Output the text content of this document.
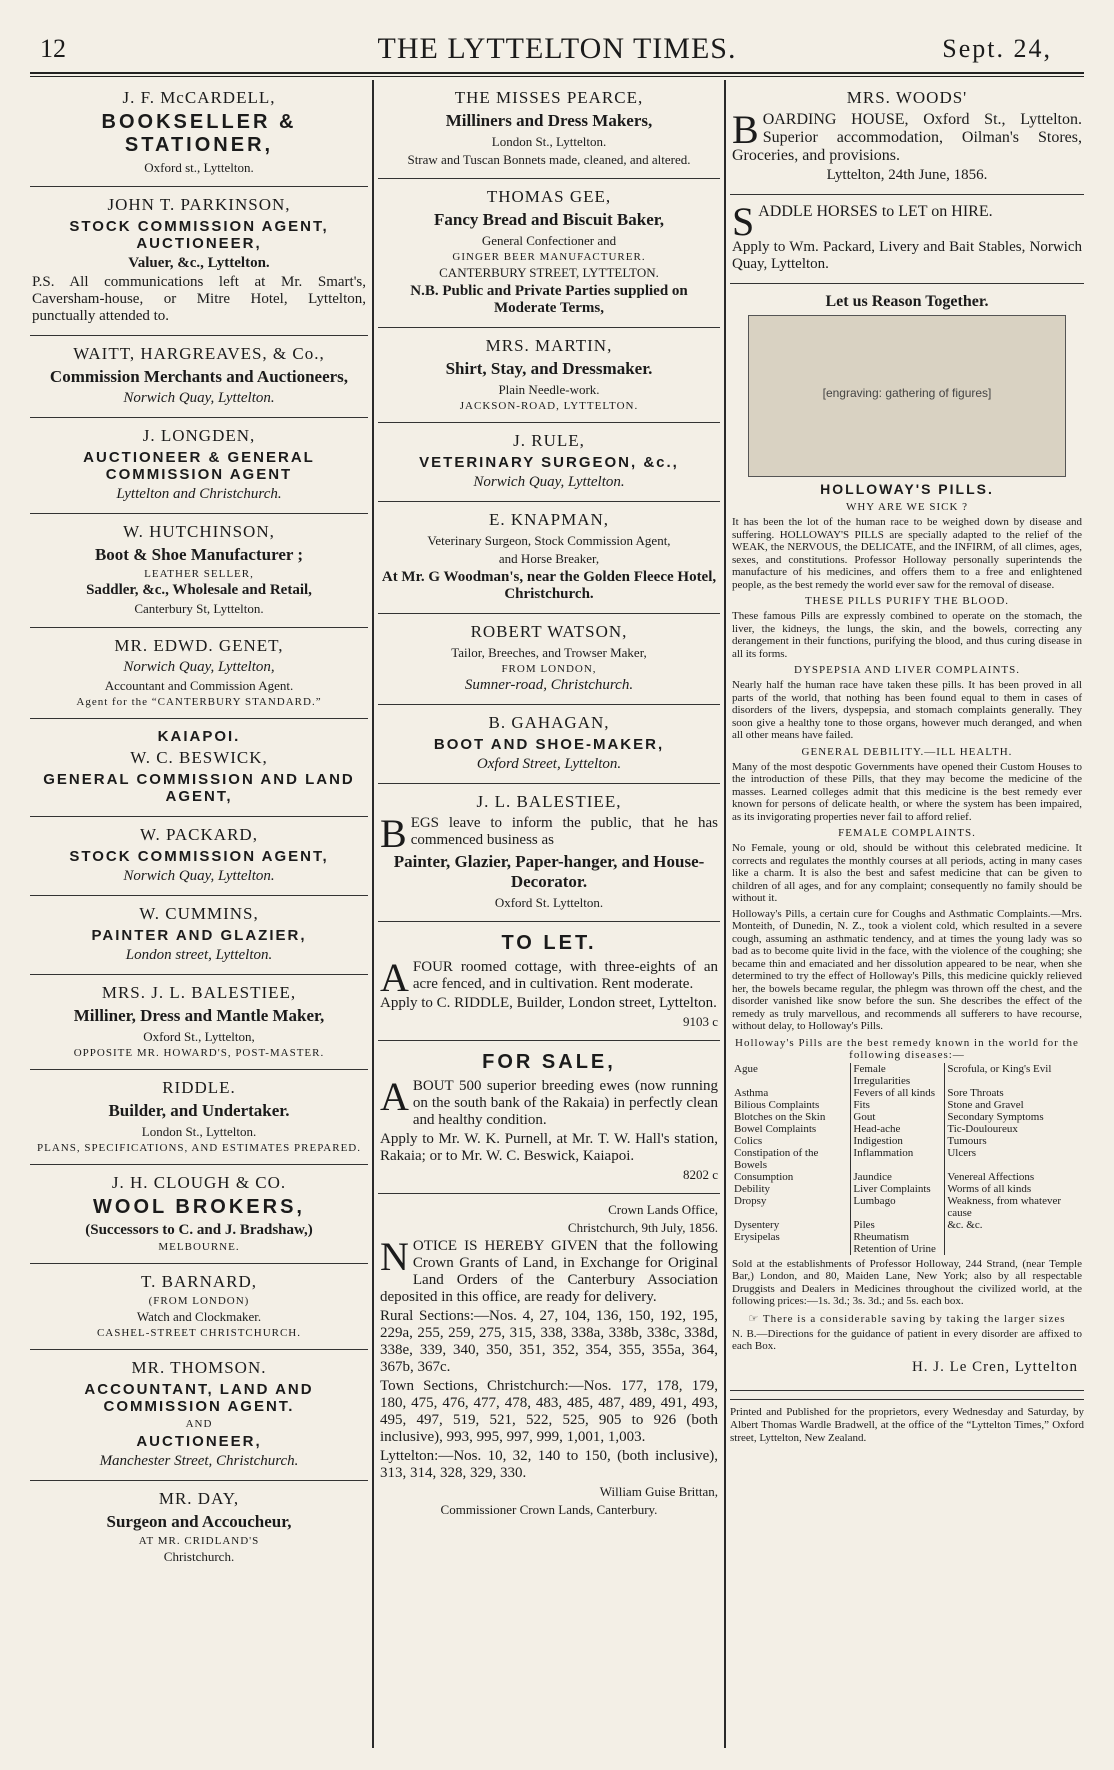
12	THE LYTTELTON TIMES.	Sept. 24,
J. F. McCARDELL,
BOOKSELLER & STATIONER,
Oxford st., Lyttelton.
JOHN T. PARKINSON,
STOCK COMMISSION AGENT, AUCTIONEER,
Valuer, &c., Lyttelton.
P.S. All communications left at Mr. Smart's, Caversham-house, or Mitre Hotel, Lyttelton, punctually attended to.
WAITT, HARGREAVES, & Co.,
Commission Merchants and Auctioneers,
Norwich Quay, Lyttelton.
J. LONGDEN,
AUCTIONEER & GENERAL COMMISSION AGENT
Lyttelton and Christchurch.
W. HUTCHINSON,
Boot & Shoe Manufacturer ;
LEATHER SELLER,
Saddler, &c., Wholesale and Retail,
Canterbury St, Lyttelton.
MR. EDWD. GENET,
Norwich Quay, Lyttelton,
Accountant and Commission Agent.
Agent for the “CANTERBURY STANDARD.”
KAIAPOI.
W. C. BESWICK,
GENERAL COMMISSION AND LAND AGENT,
W. PACKARD,
STOCK COMMISSION AGENT,
Norwich Quay, Lyttelton.
W. CUMMINS,
PAINTER AND GLAZIER,
London street, Lyttelton.
MRS. J. L. BALESTIEE,
Milliner, Dress and Mantle Maker,
Oxford St., Lyttelton,
OPPOSITE MR. HOWARD'S, POST-MASTER.
RIDDLE.
Builder, and Undertaker.
London St., Lyttelton.
PLANS, SPECIFICATIONS, AND ESTIMATES PREPARED.
J. H. CLOUGH & CO.
WOOL BROKERS,
(Successors to C. and J. Bradshaw,)
MELBOURNE.
T. BARNARD,
(FROM LONDON)
Watch and Clockmaker.
CASHEL-STREET CHRISTCHURCH.
MR. THOMSON.
ACCOUNTANT, LAND AND COMMISSION AGENT.
AND
AUCTIONEER,
Manchester Street, Christchurch.
MR. DAY,
Surgeon and Accoucheur,
AT MR. CRIDLAND'S
Christchurch.
THE MISSES PEARCE,
Milliners and Dress Makers,
London St., Lyttelton.
Straw and Tuscan Bonnets made, cleaned, and altered.
THOMAS GEE,
Fancy Bread and Biscuit Baker,
General Confectioner and
GINGER BEER MANUFACTURER.
CANTERBURY STREET, LYTTELTON.
N.B. Public and Private Parties supplied on Moderate Terms,
MRS. MARTIN,
Shirt, Stay, and Dressmaker.
Plain Needle-work.
JACKSON-ROAD, LYTTELTON.
J. RULE,
VETERINARY SURGEON, &c.,
Norwich Quay, Lyttelton.
E. KNAPMAN,
Veterinary Surgeon, Stock Commission Agent,
and Horse Breaker,
At Mr. G Woodman's, near the Golden Fleece Hotel, Christchurch.
ROBERT WATSON,
Tailor, Breeches, and Trowser Maker,
FROM LONDON,
Sumner-road, Christchurch.
B. GAHAGAN,
BOOT AND SHOE-MAKER,
Oxford Street, Lyttelton.
J. L. BALESTIEE,
BEGS leave to inform the public, that he has commenced business as
Painter, Glazier, Paper-hanger, and House-Decorator.
Oxford St. Lyttelton.
TO LET.
AFOUR roomed cottage, with three-eights of an acre fenced, and in cultivation. Rent moderate.
Apply to C. RIDDLE, Builder, London street, Lyttelton.
9103 c
FOR SALE,
ABOUT 500 superior breeding ewes (now running on the south bank of the Rakaia) in perfectly clean and healthy condition.
Apply to Mr. W. K. Purnell, at Mr. T. W. Hall's station, Rakaia; or to Mr. W. C. Beswick, Kaiapoi.
8202 c
Crown Lands Office,
Christchurch, 9th July, 1856.
NOTICE IS HEREBY GIVEN that the following Crown Grants of Land, in Exchange for Original Land Orders of the Canterbury Association deposited in this office, are ready for delivery.
Rural Sections:—Nos. 4, 27, 104, 136, 150, 192, 195, 229a, 255, 259, 275, 315, 338, 338a, 338b, 338c, 338d, 338e, 339, 340, 350, 351, 352, 354, 355, 355a, 364, 367b, 367c.
Town Sections, Christchurch:—Nos. 177, 178, 179, 180, 475, 476, 477, 478, 483, 485, 487, 489, 491, 493, 495, 497, 519, 521, 522, 525, 905 to 926 (both inclusive), 993, 995, 997, 999, 1,001, 1,003.
Lyttelton:—Nos. 10, 32, 140 to 150, (both inclusive), 313, 314, 328, 329, 330.
William Guise Brittan,
Commissioner Crown Lands, Canterbury.
MRS. WOODS'
BOARDING HOUSE, Oxford St., Lyttelton. Superior accommodation, Oilman's Stores, Groceries, and provisions.
Lyttelton, 24th June, 1856.
SADDLE HORSES to LET on HIRE.
Apply to Wm. Packard, Livery and Bait Stables, Norwich Quay, Lyttelton.
Let us Reason Together.
[engraving: gathering of figures]
HOLLOWAY'S PILLS.

WHY ARE WE SICK ?

It has been the lot of the human race to be weighed down by disease and suffering. HOLLOWAY'S PILLS are specially adapted to the relief of the WEAK, the NERVOUS, the DELICATE, and the INFIRM, of all climes, ages, sexes, and constitutions. Professor Holloway personally superintends the manufacture of his medicines, and offers them to a free and enlightened people, as the best remedy the world ever saw for the removal of disease.

THESE PILLS PURIFY THE BLOOD.

These famous Pills are expressly combined to operate on the stomach, the liver, the kidneys, the lungs, the skin, and the bowels, correcting any derangement in their functions, purifying the blood, and thus curing disease in all its forms.

DYSPEPSIA AND LIVER COMPLAINTS.

Nearly half the human race have taken these pills. It has been proved in all parts of the world, that nothing has been found equal to them in cases of disorders of the livers, dyspepsia, and stomach complaints generally. They soon give a healthy tone to those organs, however much deranged, and when all other means have failed.

GENERAL DEBILITY.—ILL HEALTH.

Many of the most despotic Governments have opened their Custom Houses to the introduction of these Pills, that they may become the medicine of the masses. Learned colleges admit that this medicine is the best remedy ever known for persons of delicate health, or where the system has been impaired, as its invigorating properties never fail to afford relief.

FEMALE COMPLAINTS.

No Female, young or old, should be without this celebrated medicine. It corrects and regulates the monthly courses at all periods, acting in many cases like a charm. It is also the best and safest medicine that can be given to children of all ages, and for any complaint; consequently no family should be without it.

Holloway's Pills, a certain cure for Coughs and Asthmatic Complaints.—Mrs. Monteith, of Dunedin, N. Z., took a violent cold, which resulted in a severe cough, assuming an asthmatic tendency, and at times the young lady was so bad as to become quite livid in the face, with the violence of the coughing; she became thin and emaciated and her dissolution appeared to be near, when she determined to try the effect of Holloway's Pills, this medicine quickly relieved her, the bowels became regular, the phlegm was thrown off the chest, and the disorder vanished like snow before the sun. She describes the effect of the remedy as truly marvellous, and recommends all sufferers to have recourse, without delay, to Holloway's Pills.

Holloway's Pills are the best remedy known in the world for the following diseases:—

Ague	Female Irregularities	Scrofula, or King's Evil
Asthma	Fevers of all kinds	Sore Throats
Bilious Complaints	Fits	Stone and Gravel
Blotches on the Skin	Gout	Secondary Symptoms
Bowel Complaints	Head-ache	Tic-Douloureux
Colics	Indigestion	Tumours
Constipation of the Bowels	Inflammation	Ulcers
Consumption	Jaundice	Venereal Affections
Debility	Liver Complaints	Worms of all kinds
Dropsy	Lumbago	Weakness, from whatever cause
Dysentery	Piles	&c. &c.
Erysipelas	Rheumatism	
	Retention of Urine	

Sold at the establishments of Professor Holloway, 244 Strand, (near Temple Bar,) London, and 80, Maiden Lane, New York; also by all respectable Druggists and Dealers in Medicines throughout the civilized world, at the following prices:—1s. 3d.; 3s. 3d.; and 5s. each box.

☞ There is a considerable saving by taking the larger sizes

N. B.—Directions for the guidance of patient in every disorder are affixed to each Box.

H. J. Le Cren, Lyttelton
Printed and Published for the proprietors, every Wednesday and Saturday, by Albert Thomas Wardle Bradwell, at the office of the “Lyttelton Times,” Oxford street, Lyttelton, New Zealand.
